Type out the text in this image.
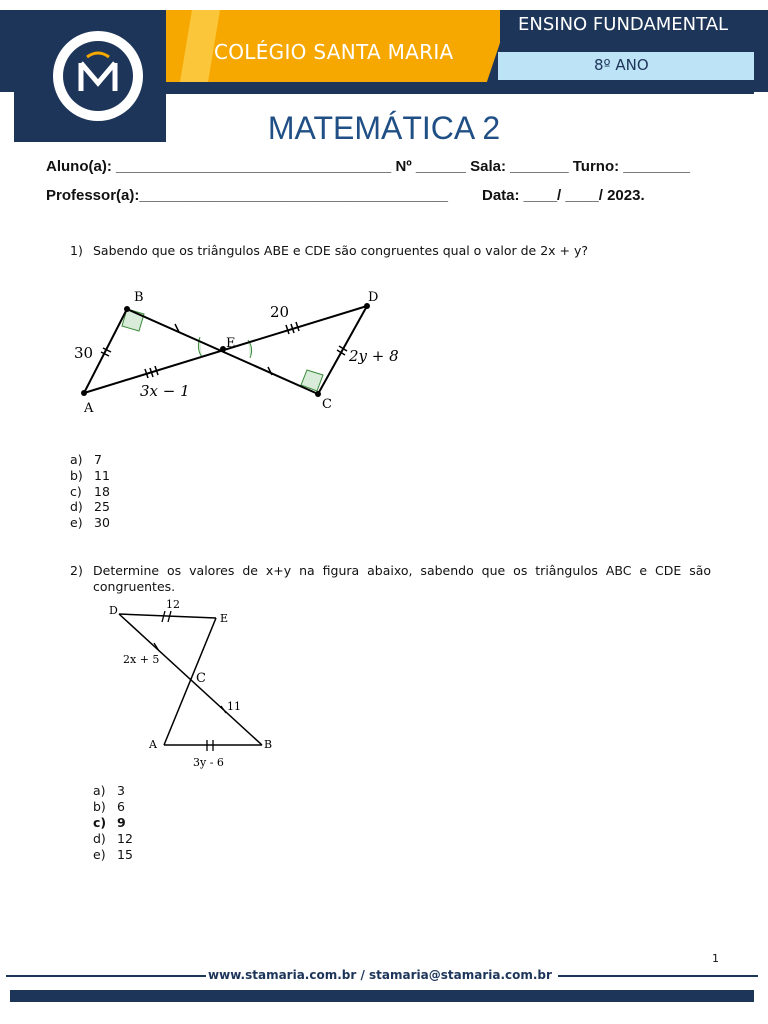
COLÉGIO SANTA MARIA
ENSINO FUNDAMENTAL
8º ANO
MATEMÁTICA 2
Aluno(a): _________________________________ Nº ______ Sala: _______ Turno: ________
Professor(a):_____________________________________ Data: ____/ ____/ 2023.
1) Sabendo que os triângulos ABE e CDE são congruentes qual o valor de 2x + y?
A
B
C
D
E
30
20
2y + 8
3x − 1
a) 7
b) 11
c) 18
d) 25
e) 30
2) Determine  os  valores  de  x+y  na  figura  abaixo,  sabendo  que  os  triângulos  ABC  e  CDE  são
congruentes.
D
E
C
A	B
12
2x + 5
11
3y - 6
a) 3
b) 6
c) 9
d) 12
e) 15
1
www.stamaria.com.br / stamaria@stamaria.com.br
